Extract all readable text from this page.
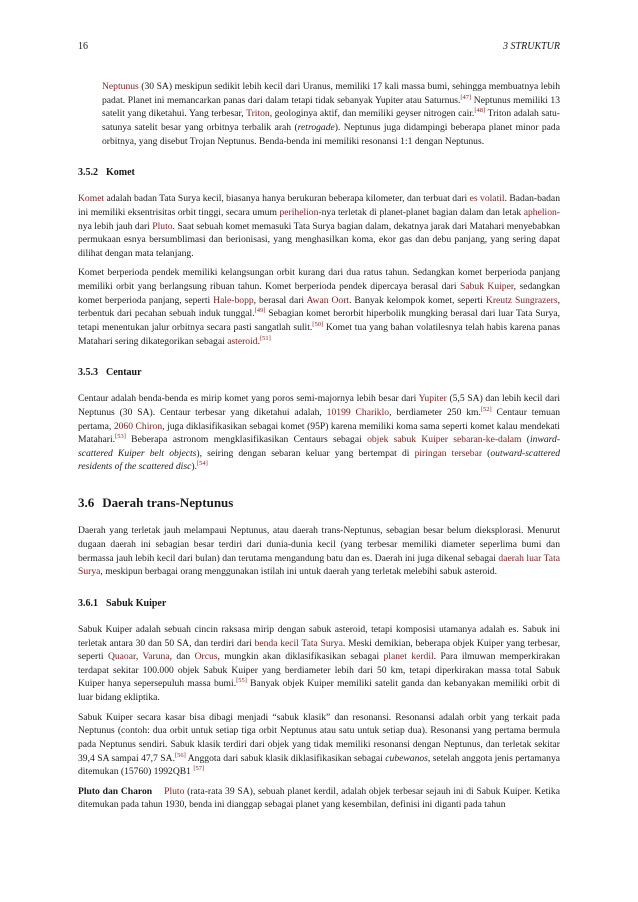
16	3 STRUKTUR

Neptunus (30 SA) meskipun sedikit lebih kecil dari Uranus, memiliki 17 kali massa bumi, sehingga membuatnya lebih padat. Planet ini memancarkan panas dari dalam tetapi tidak sebanyak Yupiter atau Saturnus.[47] Neptunus memiliki 13 satelit yang diketahui. Yang terbesar, Triton, geologinya aktif, dan memiliki geyser nitrogen cair.[48] Triton adalah satu-satunya satelit besar yang orbitnya terbalik arah (retrogade). Neptunus juga didampingi beberapa planet minor pada orbitnya, yang disebut Trojan Neptunus. Benda-benda ini memiliki resonansi 1:1 dengan Neptunus.

3.5.2 Komet

Komet adalah badan Tata Surya kecil, biasanya hanya berukuran beberapa kilometer, dan terbuat dari es volatil. Badan-badan ini memiliki eksentrisitas orbit tinggi, secara umum perihelion-nya terletak di planet-planet bagian dalam dan letak aphelion-nya lebih jauh dari Pluto. Saat sebuah komet memasuki Tata Surya bagian dalam, dekatnya jarak dari Matahari menyebabkan permukaan esnya bersumblimasi dan berionisasi, yang menghasilkan koma, ekor gas dan debu panjang, yang sering dapat dilihat dengan mata telanjang.

Komet berperioda pendek memiliki kelangsungan orbit kurang dari dua ratus tahun. Sedangkan komet berperioda panjang memiliki orbit yang berlangsung ribuan tahun. Komet berperioda pendek dipercaya berasal dari Sabuk Kuiper, sedangkan komet berperioda panjang, seperti Hale-bopp, berasal dari Awan Oort. Banyak kelompok komet, seperti Kreutz Sungrazers, terbentuk dari pecahan sebuah induk tunggal.[49] Sebagian komet berorbit hiperbolik mungking berasal dari luar Tata Surya, tetapi menentukan jalur orbitnya secara pasti sangatlah sulit.[50] Komet tua yang bahan volatilesnya telah habis karena panas Matahari sering dikategorikan sebagai asteroid.[51]

3.5.3 Centaur

Centaur adalah benda-benda es mirip komet yang poros semi-majornya lebih besar dari Yupiter (5,5 SA) dan lebih kecil dari Neptunus (30 SA). Centaur terbesar yang diketahui adalah, 10199 Chariklo, berdiameter 250 km.[52] Centaur temuan pertama, 2060 Chiron, juga diklasifikasikan sebagai komet (95P) karena memiliki koma sama seperti komet kalau mendekati Matahari.[53] Beberapa astronom mengklasifikasikan Centaurs sebagai objek sabuk Kuiper sebaran-ke-dalam (inward-scattered Kuiper belt objects), seiring dengan sebaran keluar yang bertempat di piringan tersebar (outward-scattered residents of the scattered disc).[54]

3.6 Daerah trans-Neptunus

Daerah yang terletak jauh melampaui Neptunus, atau daerah trans-Neptunus, sebagian besar belum dieksplorasi. Menurut dugaan daerah ini sebagian besar terdiri dari dunia-dunia kecil (yang terbesar memiliki diameter seperlima bumi dan bermassa jauh lebih kecil dari bulan) dan terutama mengandung batu dan es. Daerah ini juga dikenal sebagai daerah luar Tata Surya, meskipun berbagai orang menggunakan istilah ini untuk daerah yang terletak melebihi sabuk asteroid.

3.6.1 Sabuk Kuiper

Sabuk Kuiper adalah sebuah cincin raksasa mirip dengan sabuk asteroid, tetapi komposisi utamanya adalah es. Sabuk ini terletak antara 30 dan 50 SA, dan terdiri dari benda kecil Tata Surya. Meski demikian, beberapa objek Kuiper yang terbesar, seperti Quaoar, Varuna, dan Orcus, mungkin akan diklasifikasikan sebagai planet kerdil. Para ilmuwan memperkirakan terdapat sekitar 100.000 objek Sabuk Kuiper yang berdiameter lebih dari 50 km, tetapi diperkirakan massa total Sabuk Kuiper hanya sepersepuluh massa bumi.[55] Banyak objek Kuiper memiliki satelit ganda dan kebanyakan memiliki orbit di luar bidang ekliptika.

Sabuk Kuiper secara kasar bisa dibagi menjadi “sabuk klasik” dan resonansi. Resonansi adalah orbit yang terkait pada Neptunus (contoh: dua orbit untuk setiap tiga orbit Neptunus atau satu untuk setiap dua). Resonansi yang pertama bermula pada Neptunus sendiri. Sabuk klasik terdiri dari objek yang tidak memiliki resonansi dengan Neptunus, dan terletak sekitar 39,4 SA sampai 47,7 SA.[56] Anggota dari sabuk klasik diklasifikasikan sebagai cubewanos, setelah anggota jenis pertamanya ditemukan (15760) 1992QB1 [57]

Pluto dan Charon Pluto (rata-rata 39 SA), sebuah planet kerdil, adalah objek terbesar sejauh ini di Sabuk Kuiper. Ketika ditemukan pada tahun 1930, benda ini dianggap sebagai planet yang kesembilan, definisi ini diganti pada tahun
